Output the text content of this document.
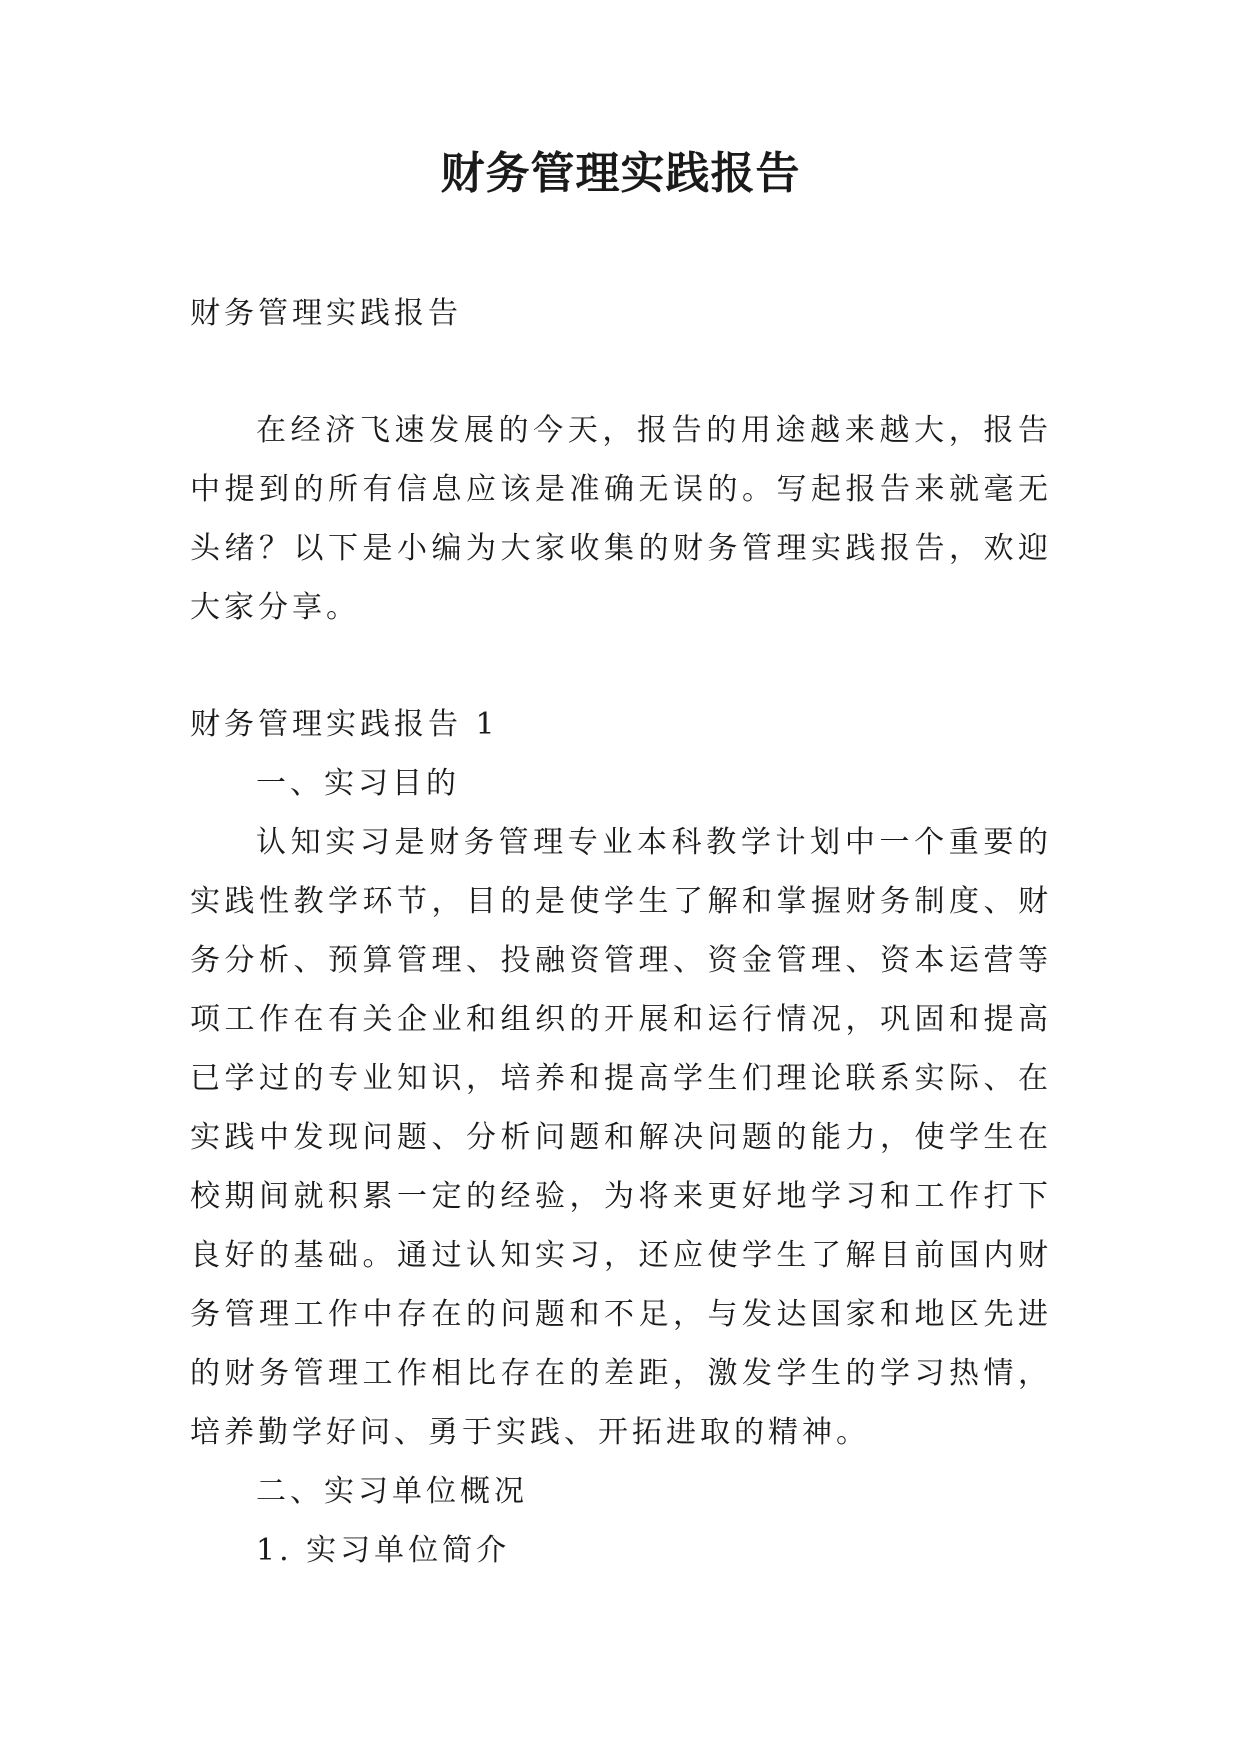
财务管理实践报告

财务管理实践报告

在经济飞速发展的今天，报告的用途越来越大，报告中提到的所有信息应该是准确无误的。写起报告来就毫无头绪？以下是小编为大家收集的财务管理实践报告，欢迎大家分享。

财务管理实践报告 1

一、实习目的

认知实习是财务管理专业本科教学计划中一个重要的实践性教学环节，目的是使学生了解和掌握财务制度、财务分析、预算管理、投融资管理、资金管理、资本运营等项工作在有关企业和组织的开展和运行情况，巩固和提高已学过的专业知识，培养和提高学生们理论联系实际、在实践中发现问题、分析问题和解决问题的能力，使学生在校期间就积累一定的经验，为将来更好地学习和工作打下良好的基础。通过认知实习，还应使学生了解目前国内财务管理工作中存在的问题和不足，与发达国家和地区先进的财务管理工作相比存在的差距，激发学生的学习热情，培养勤学好问、勇于实践、开拓进取的精神。

二、实习单位概况

1. 实习单位简介
